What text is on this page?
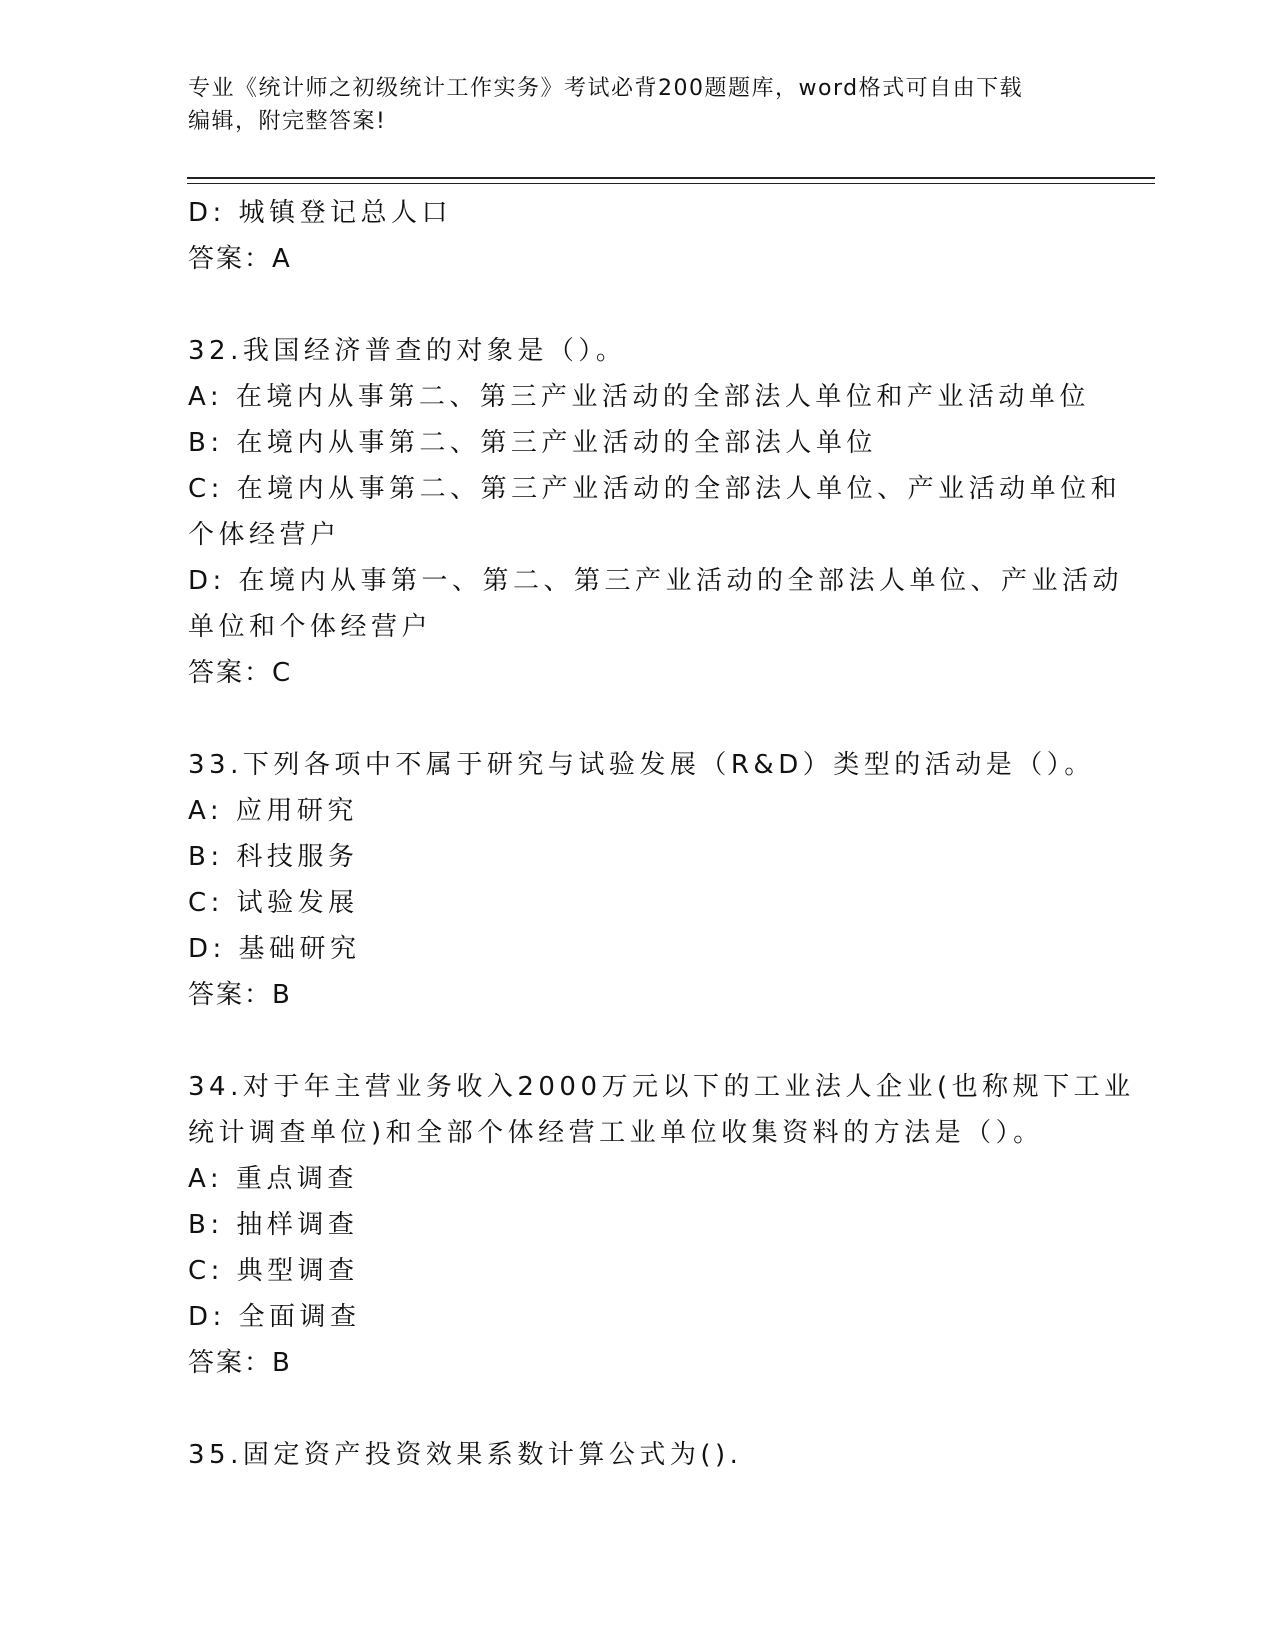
专业《统计师之初级统计工作实务》考试必背200题题库，word格式可自由下载
编辑，附完整答案!
D: 城镇登记总人口
答案：A
32.我国经济普查的对象是（）。
A: 在境内从事第二、第三产业活动的全部法人单位和产业活动单位
B: 在境内从事第二、第三产业活动的全部法人单位
C: 在境内从事第二、第三产业活动的全部法人单位、产业活动单位和
个体经营户
D: 在境内从事第一、第二、第三产业活动的全部法人单位、产业活动
单位和个体经营户
答案：C
33.下列各项中不属于研究与试验发展（R&D）类型的活动是（）。
A: 应用研究
B: 科技服务
C: 试验发展
D: 基础研究
答案：B
34.对于年主营业务收入2000万元以下的工业法人企业(也称规下工业
统计调查单位)和全部个体经营工业单位收集资料的方法是（）。
A: 重点调查
B: 抽样调查
C: 典型调查
D: 全面调查
答案：B
35.固定资产投资效果系数计算公式为().
